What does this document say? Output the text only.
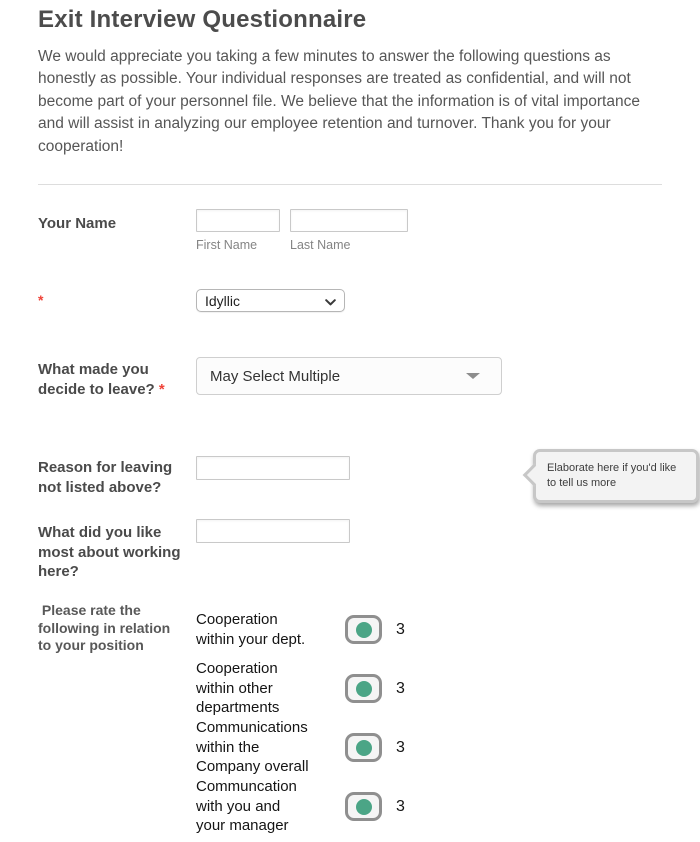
Exit Interview Questionnaire
We would appreciate you taking a few minutes to answer the following questions as honestly as possible. Your individual responses are treated as confidential, and will not become part of your personnel file. We believe that the information is of vital importance and will assist in analyzing our employee retention and turnover. Thank you for your cooperation!
Your Name
First Name	Last Name
*	Idyllic
What made you decide to leave? *
May Select Multiple
Reason for leaving not listed above?
Elaborate here if you'd like to tell us more
What did you like most about working here?
Please rate the following in relation to your position
Cooperation within your dept.
3
Cooperation within other departments
3
Communications within the Company overall
3
Communcation with you and your manager
3
